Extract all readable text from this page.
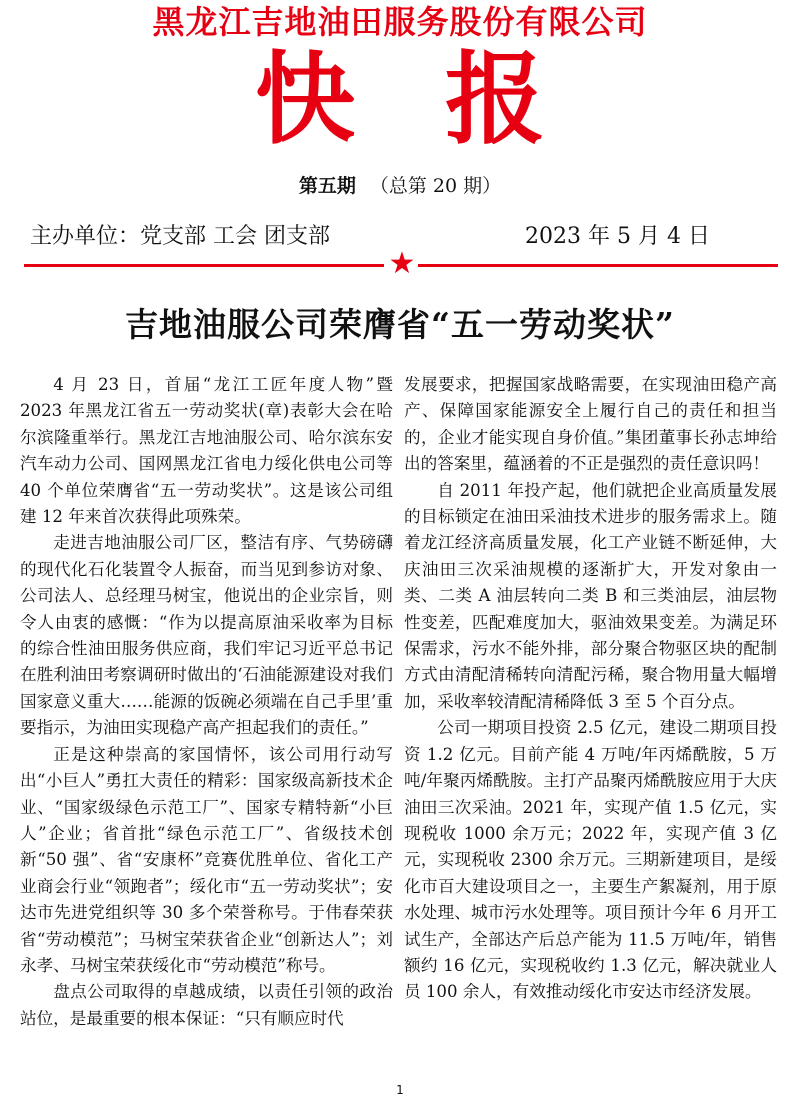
黑龙江吉地油田服务股份有限公司
快报
第五期 （总第 20 期）
主办单位：党支部 工会 团支部	2023 年 5 月 4 日
★
吉地油服公司荣膺省“五一劳动奖状”

4 月 23 日，首届“龙江工匠年度人物”暨 2023 年黑龙江省五一劳动奖状(章)表彰大会在哈尔滨隆重举行。黑龙江吉地油服公司、哈尔滨东安汽车动力公司、国网黑龙江省电力绥化供电公司等 40 个单位荣膺省“五一劳动奖状”。这是该公司组建 12 年来首次获得此项殊荣。

走进吉地油服公司厂区，整洁有序、气势磅礴的现代化石化装置令人振奋，而当见到参访对象、公司法人、总经理马树宝，他说出的企业宗旨，则令人由衷的感慨：“作为以提高原油采收率为目标的综合性油田服务供应商，我们牢记习近平总书记在胜利油田考察调研时做出的‘石油能源建设对我们国家意义重大……能源的饭碗必须端在自己手里’重要指示，为油田实现稳产高产担起我们的责任。”

正是这种崇高的家国情怀，该公司用行动写出“小巨人”勇扛大责任的精彩：国家级高新技术企业、“国家级绿色示范工厂”、国家专精特新“小巨人”企业；省首批“绿色示范工厂”、省级技术创新“50 强”、省“安康杯”竞赛优胜单位、省化工产业商会行业“领跑者”；绥化市“五一劳动奖状”；安达市先进党组织等 30 多个荣誉称号。于伟春荣获省“劳动模范”；马树宝荣获省企业“创新达人”；刘永孝、马树宝荣获绥化市“劳动模范”称号。

盘点公司取得的卓越成绩，以责任引领的政治站位，是最重要的根本保证：“只有顺应时代

发展要求，把握国家战略需要，在实现油田稳产高产、保障国家能源安全上履行自己的责任和担当的，企业才能实现自身价值。”集团董事长孙志坤给出的答案里，蕴涵着的不正是强烈的责任意识吗！

自 2011 年投产起，他们就把企业高质量发展的目标锁定在油田采油技术进步的服务需求上。随着龙江经济高质量发展，化工产业链不断延伸，大庆油田三次采油规模的逐渐扩大，开发对象由一类、二类 A 油层转向二类 B 和三类油层，油层物性变差，匹配难度加大，驱油效果变差。为满足环保需求，污水不能外排，部分聚合物驱区块的配制方式由清配清稀转向清配污稀，聚合物用量大幅增加，采收率较清配清稀降低 3 至 5 个百分点。

公司一期项目投资 2.5 亿元，建设二期项目投资 1.2 亿元。目前产能 4 万吨/年丙烯酰胺，5 万吨/年聚丙烯酰胺。主打产品聚丙烯酰胺应用于大庆油田三次采油。2021 年，实现产值 1.5 亿元，实现税收 1000 余万元；2022 年，实现产值 3 亿元，实现税收 2300 余万元。三期新建项目，是绥化市百大建设项目之一，主要生产絮凝剂，用于原水处理、城市污水处理等。项目预计今年 6 月开工试生产，全部达产后总产能为 11.5 万吨/年，销售额约 16 亿元，实现税收约 1.3 亿元，解决就业人员 100 余人，有效推动绥化市安达市经济发展。

1
